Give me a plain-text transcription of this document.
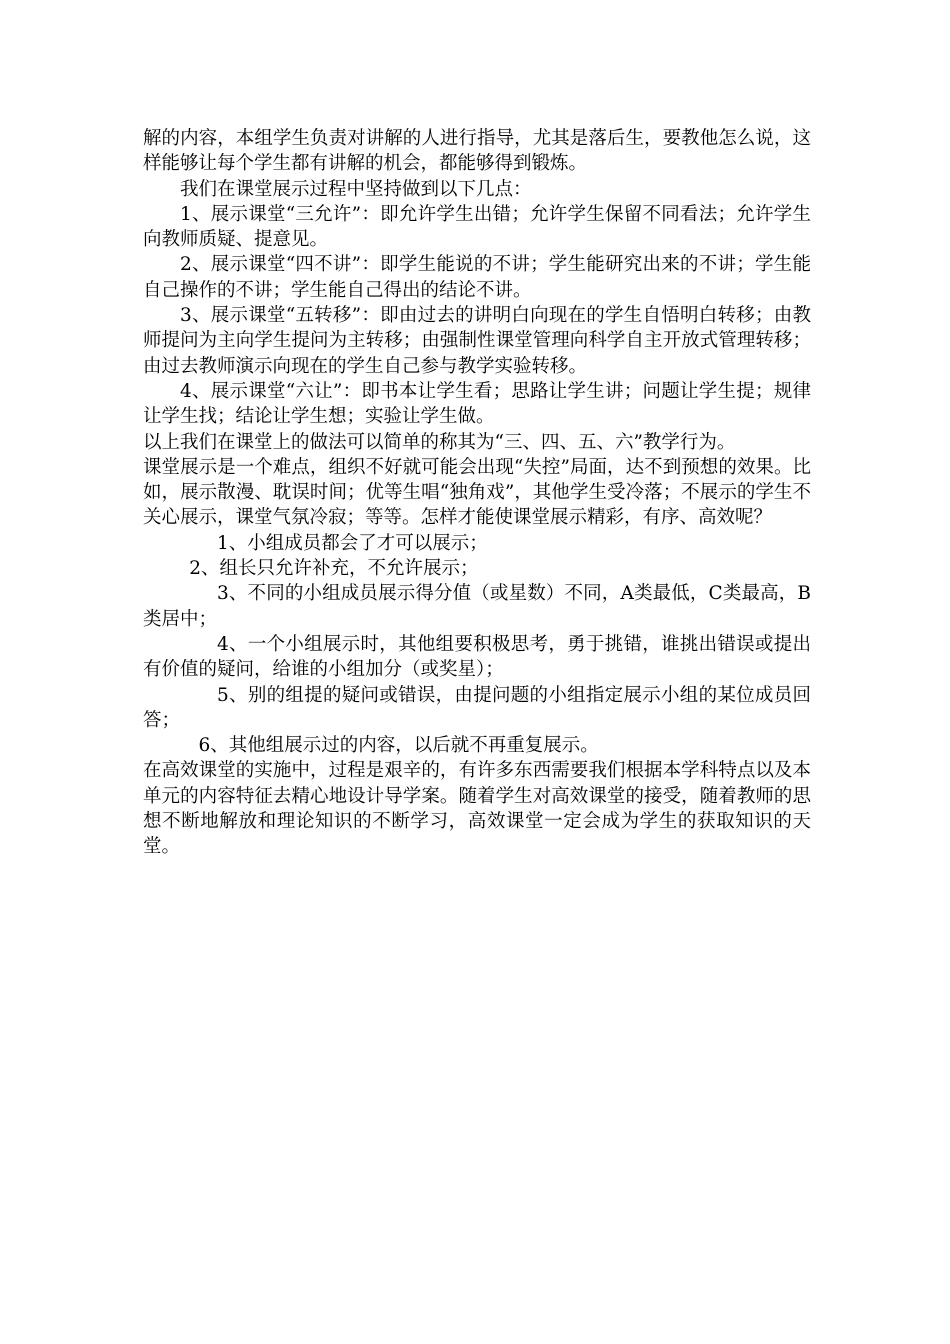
解的内容，本组学生负责对讲解的人进行指导，尤其是落后生，要教他怎么说，这样能够让每个学生都有讲解的机会，都能够得到锻炼。

我们在课堂展示过程中坚持做到以下几点：

1、展示课堂“三允许”：即允许学生出错；允许学生保留不同看法；允许学生向教师质疑、提意见。

2、展示课堂“四不讲”：即学生能说的不讲；学生能研究出来的不讲；学生能自己操作的不讲；学生能自己得出的结论不讲。

3、展示课堂“五转移”：即由过去的讲明白向现在的学生自悟明白转移；由教师提问为主向学生提问为主转移；由强制性课堂管理向科学自主开放式管理转移；由过去教师演示向现在的学生自己参与教学实验转移。

4、展示课堂“六让”：即书本让学生看；思路让学生讲；问题让学生提；规律让学生找；结论让学生想；实验让学生做。

以上我们在课堂上的做法可以简单的称其为“三、四、五、六”教学行为。

课堂展示是一个难点，组织不好就可能会出现“失控”局面，达不到预想的效果。比如，展示散漫、耽误时间；优等生唱“独角戏”，其他学生受冷落；不展示的学生不关心展示，课堂气氛冷寂；等等。怎样才能使课堂展示精彩，有序、高效呢？

1、小组成员都会了才可以展示；

2、组长只允许补充，不允许展示；

3、不同的小组成员展示得分值（或星数）不同，A类最低，C类最高，B类居中；

4、一个小组展示时，其他组要积极思考，勇于挑错，谁挑出错误或提出有价值的疑问，给谁的小组加分（或奖星）；

5、别的组提的疑问或错误，由提问题的小组指定展示小组的某位成员回答；

6、其他组展示过的内容，以后就不再重复展示。

在高效课堂的实施中，过程是艰辛的，有许多东西需要我们根据本学科特点以及本单元的内容特征去精心地设计导学案。随着学生对高效课堂的接受，随着教师的思想不断地解放和理论知识的不断学习，高效课堂一定会成为学生的获取知识的天堂。
